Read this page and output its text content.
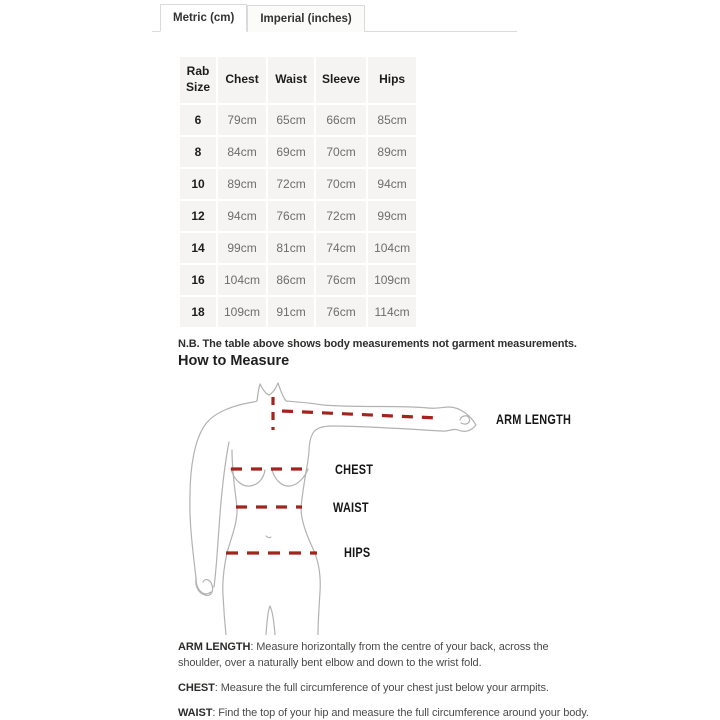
Metric (cm)	Imperial (inches)
Rab Size	Chest	Waist	Sleeve	Hips
6	79cm	65cm	66cm	85cm
8	84cm	69cm	70cm	89cm
10	89cm	72cm	70cm	94cm
12	94cm	76cm	72cm	99cm
14	99cm	81cm	74cm	104cm
16	104cm	86cm	76cm	109cm
18	109cm	91cm	76cm	114cm
N.B. The table above shows body measurements not garment measurements.
How to Measure
ARM LENGTH
CHEST
WAIST
HIPS

ARM LENGTH: Measure horizontally from the centre of your back, across the shoulder, over a naturally bent elbow and down to the wrist fold.

CHEST: Measure the full circumference of your chest just below your armpits.

WAIST: Find the top of your hip and measure the full circumference around your body.
